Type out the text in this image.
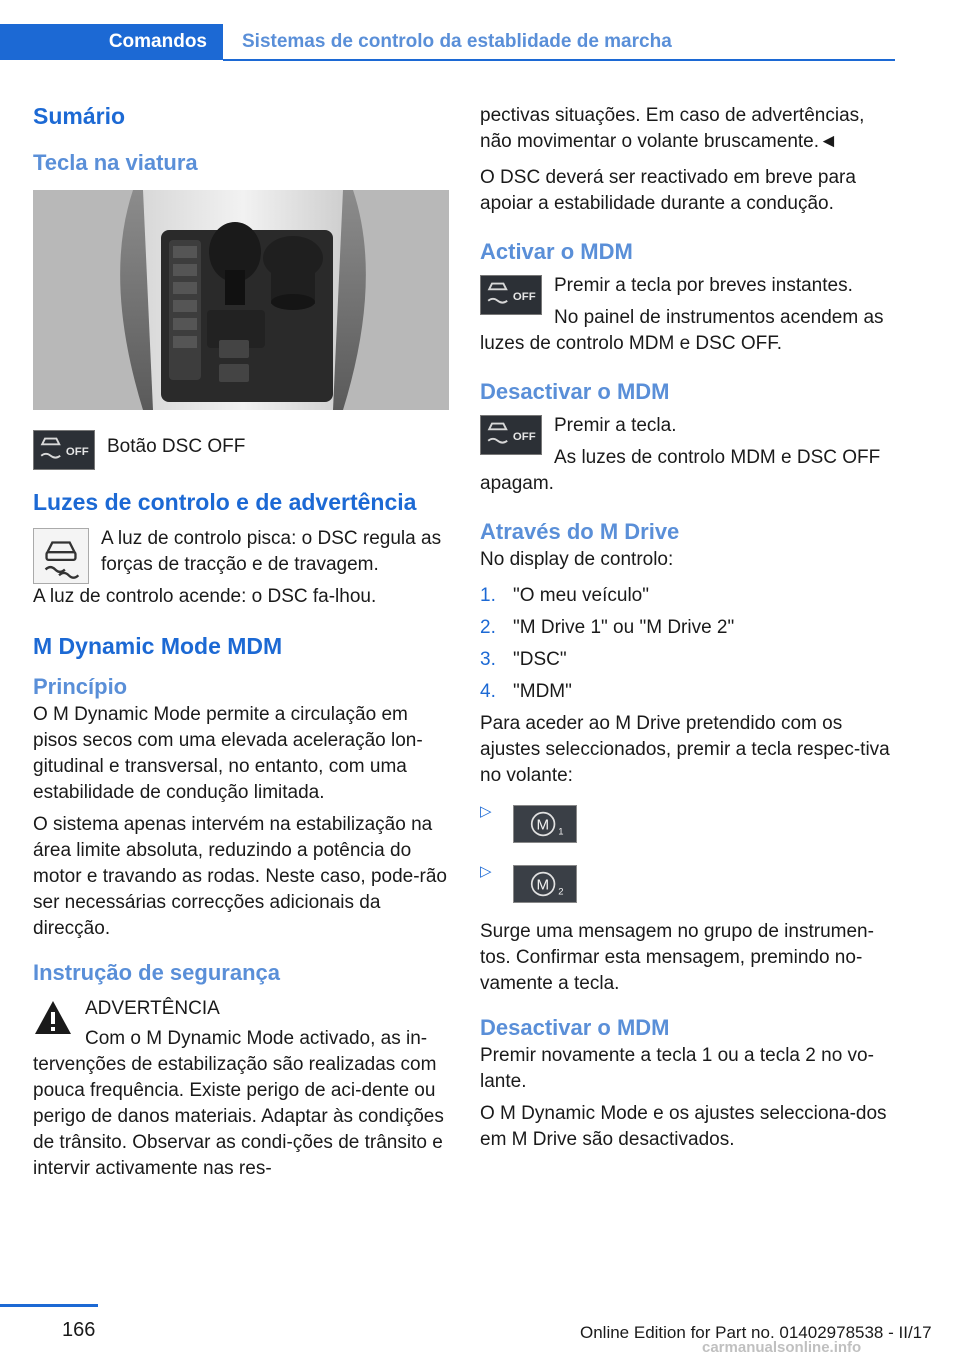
Comandos	Sistemas de controlo da establidade de marcha
Sumário
Tecla na viatura
OFF Botão DSC OFF
Luzes de controlo e de advertência
A luz de controlo pisca: o DSC regula as forças de tracção e de travagem.
A luz de controlo acende: o DSC fa-lhou.
M Dynamic Mode MDM
Princípio
O M Dynamic Mode permite a circulação em pisos secos com uma elevada aceleração lon-gitudinal e transversal, no entanto, com uma estabilidade de condução limitada.
O sistema apenas intervém na estabilização na área limite absoluta, reduzindo a potência do motor e travando as rodas. Neste caso, pode-rão ser necessárias correcções adicionais da direcção.
Instrução de segurança
ADVERTÊNCIA
Com o M Dynamic Mode activado, as in-tervenções de estabilização são realizadas com pouca frequência. Existe perigo de aci-dente ou perigo de danos materiais. Adaptar às condições de trânsito. Observar as condi-ções de trânsito e intervir activamente nas res-
pectivas situações. Em caso de advertências, não movimentar o volante bruscamente.◄
O DSC deverá ser reactivado em breve para apoiar a estabilidade durante a condução.
Activar o MDM
OFF
Premir a tecla por breves instantes.
No painel de instrumentos acendem as luzes de controlo MDM e DSC OFF.
Desactivar o MDM
OFF
Premir a tecla.
As luzes de controlo MDM e DSC OFF apagam.
Através do M Drive
No display de controlo:
1. "O meu veículo"
2. "M Drive 1" ou "M Drive 2"
3. "DSC"
4. "MDM"
Para aceder ao M Drive pretendido com os ajustes seleccionados, premir a tecla respec-tiva no volante:
▷
M 1
▷
M 2
Surge uma mensagem no grupo de instrumen-tos. Confirmar esta mensagem, premindo no-vamente a tecla.
Desactivar o MDM
Premir novamente a tecla 1 ou a tecla 2 no vo-lante.
O M Dynamic Mode e os ajustes selecciona-dos em M Drive são desactivados.
166	Online Edition for Part no. 01402978538 - II/17
carmanualsonline.info
